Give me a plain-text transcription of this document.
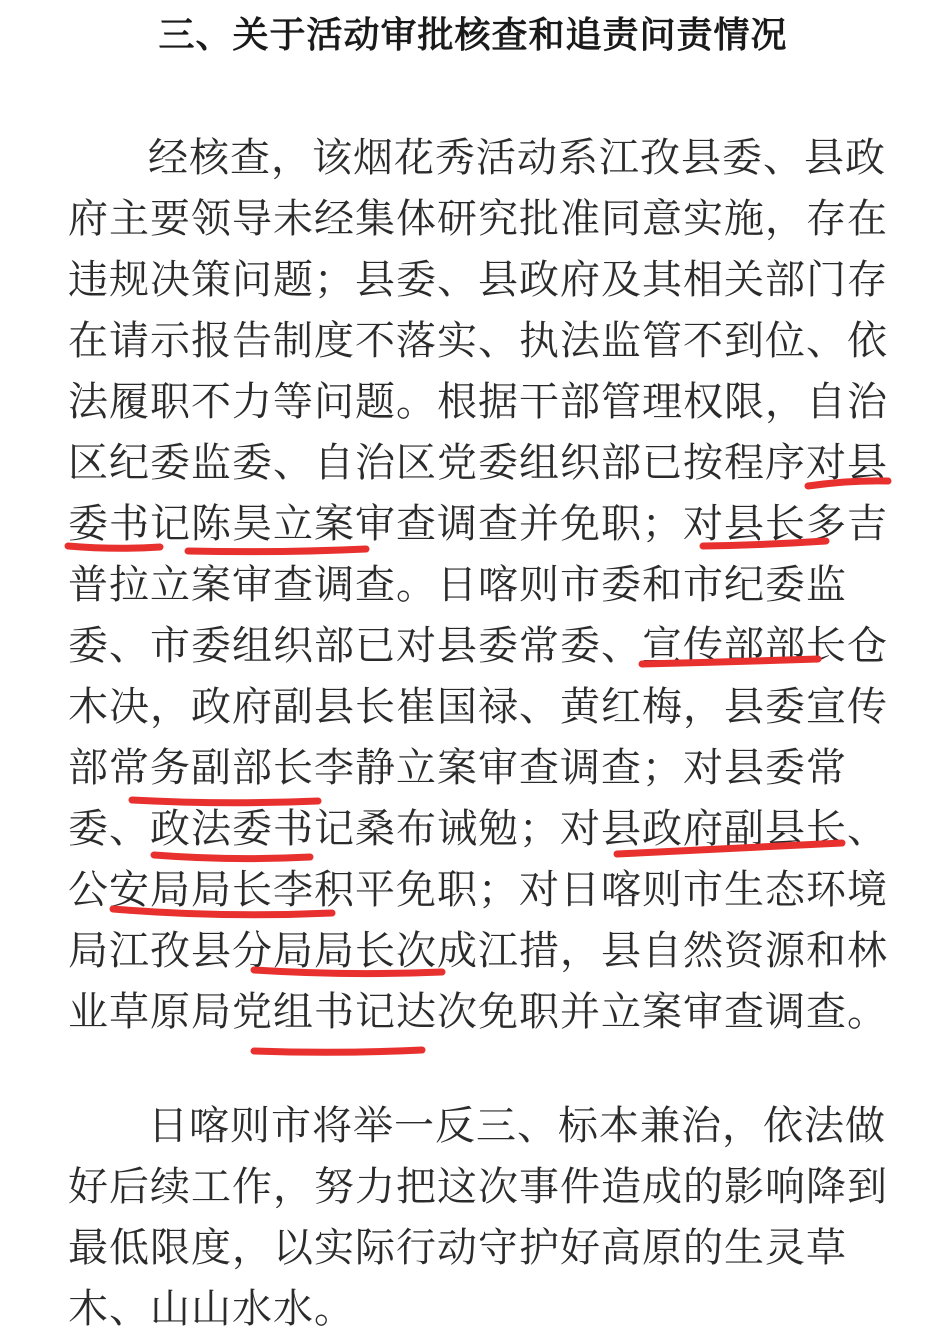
三、关于活动审批核查和追责问责情况
经核查，该烟花秀活动系江孜县委、县政
府主要领导未经集体研究批准同意实施，存在
违规决策问题；县委、县政府及其相关部门存
在请示报告制度不落实、执法监管不到位、依
法履职不力等问题。根据干部管理权限，自治
区纪委监委、自治区党委组织部已按程序对县
委书记陈昊立案审查调查并免职；对县长多吉
普拉立案审查调查。日喀则市委和市纪委监
委、市委组织部已对县委常委、宣传部部长仓
木决，政府副县长崔国禄、黄红梅，县委宣传
部常务副部长李静立案审查调查；对县委常
委、政法委书记桑布诫勉；对县政府副县长、
公安局局长李积平免职；对日喀则市生态环境
局江孜县分局局长次成江措，县自然资源和林
业草原局党组书记达次免职并立案审查调查。
日喀则市将举一反三、标本兼治，依法做
好后续工作，努力把这次事件造成的影响降到
最低限度，以实际行动守护好高原的生灵草
木、山山水水。
